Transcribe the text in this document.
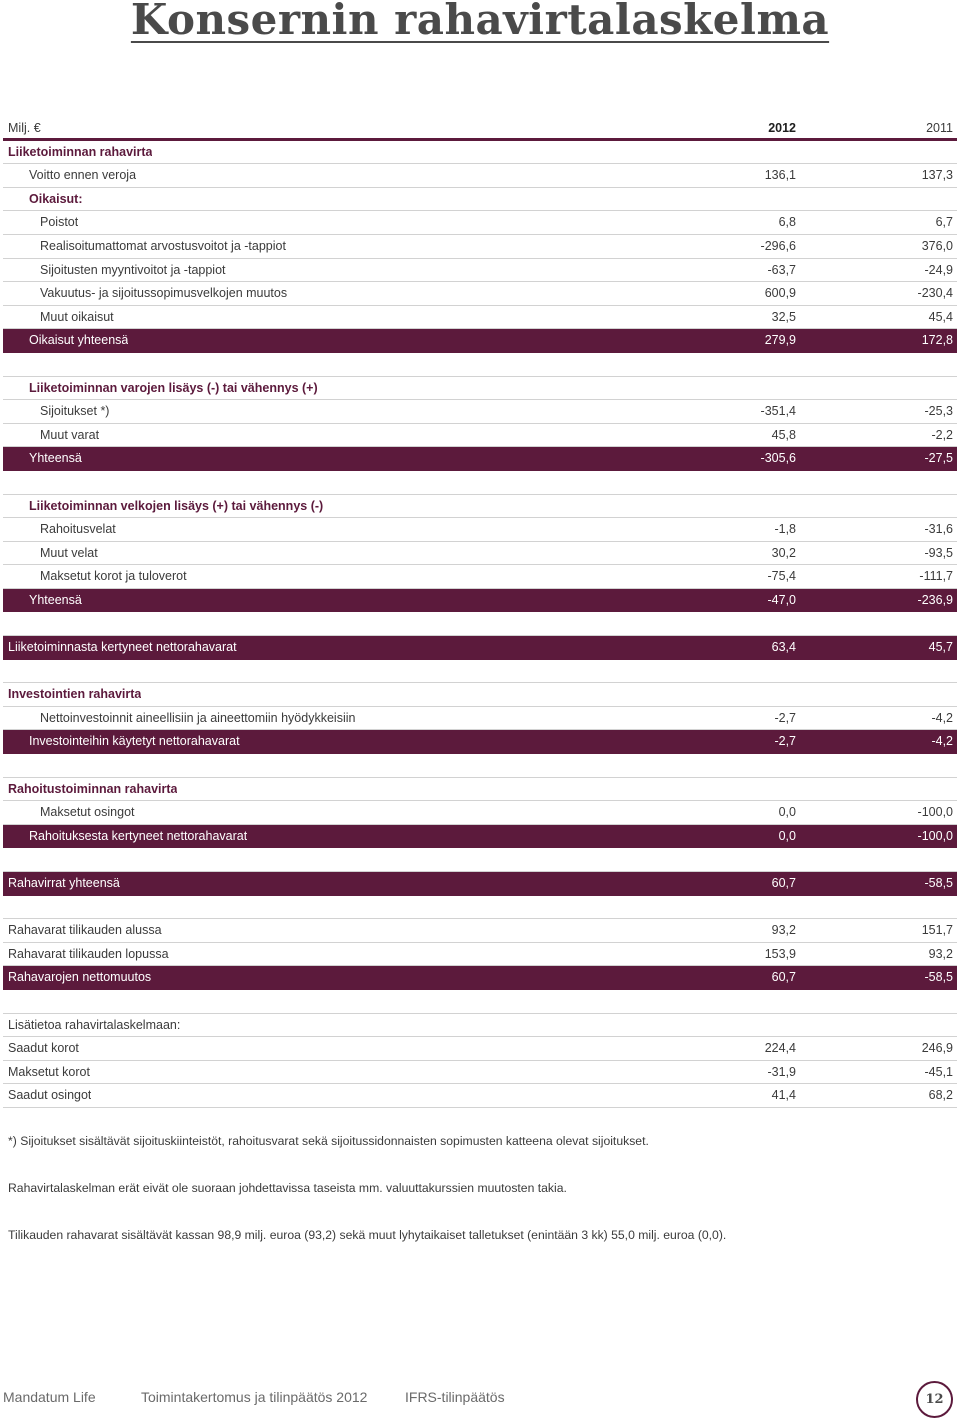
Konsernin rahavirtalaskelma
Milj. €	2012	2011
Liiketoiminnan rahavirta
Voitto ennen veroja	136,1	137,3
Oikaisut:
Poistot	6,8	6,7
Realisoitumattomat arvostusvoitot ja -tappiot	-296,6	376,0
Sijoitusten myyntivoitot ja -tappiot	-63,7	-24,9
Vakuutus- ja sijoitussopimusvelkojen muutos	600,9	-230,4
Muut oikaisut	32,5	45,4
Oikaisut yhteensä	279,9	172,8
Liiketoiminnan varojen lisäys (-) tai vähennys (+)
Sijoitukset *)	-351,4	-25,3
Muut varat	45,8	-2,2
Yhteensä	-305,6	-27,5
Liiketoiminnan velkojen lisäys (+) tai vähennys (-)
Rahoitusvelat	-1,8	-31,6
Muut velat	30,2	-93,5
Maksetut korot ja tuloverot	-75,4	-111,7
Yhteensä	-47,0	-236,9
Liiketoiminnasta kertyneet nettorahavarat	63,4	45,7
Investointien rahavirta
Nettoinvestoinnit aineellisiin ja aineettomiin hyödykkeisiin	-2,7	-4,2
Investointeihin käytetyt nettorahavarat	-2,7	-4,2
Rahoitustoiminnan rahavirta
Maksetut osingot	0,0	-100,0
Rahoituksesta kertyneet nettorahavarat	0,0	-100,0
Rahavirrat yhteensä	60,7	-58,5
Rahavarat tilikauden alussa	93,2	151,7
Rahavarat tilikauden lopussa	153,9	93,2
Rahavarojen nettomuutos	60,7	-58,5
Lisätietoa rahavirtalaskelmaan:
Saadut korot	224,4	246,9
Maksetut korot	-31,9	-45,1
Saadut osingot	41,4	68,2
*) Sijoitukset sisältävät sijoituskiinteistöt, rahoitusvarat sekä sijoitussidonnaisten sopimusten katteena olevat sijoitukset.
Rahavirtalaskelman erät eivät ole suoraan johdettavissa taseista mm. valuuttakurssien muutosten takia.
Tilikauden rahavarat sisältävät kassan 98,9 milj. euroa (93,2) sekä muut lyhytaikaiset talletukset (enintään 3 kk) 55,0 milj. euroa (0,0).
Mandatum Life	Toimintakertomus ja tilinpäätös 2012	IFRS-tilinpäätös	12
